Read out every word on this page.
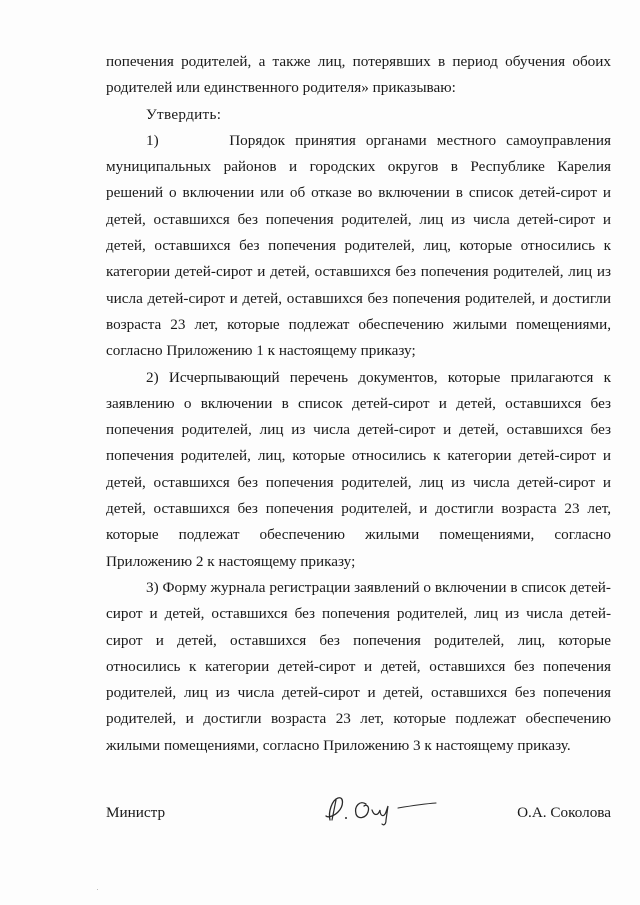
попечения родителей, а также лиц, потерявших в период обучения обоих родителей или единственного родителя» приказываю:

Утвердить:

1)       Порядок принятия органами местного самоуправления муниципальных районов и городских округов в Республике Карелия решений о включении или об отказе во включении в список детей-сирот и детей, оставшихся без попечения родителей, лиц из числа детей-сирот и детей, оставшихся без попечения родителей, лиц, которые относились к категории детей-сирот и детей, оставшихся без попечения родителей, лиц из числа детей-сирот и детей, оставшихся без попечения родителей, и достигли возраста 23 лет, которые подлежат обеспечению жилыми помещениями, согласно Приложению 1 к настоящему приказу;

2) Исчерпывающий перечень документов, которые прилагаются к заявлению о включении в список детей-сирот и детей, оставшихся без попечения родителей, лиц из числа детей-сирот и детей, оставшихся без попечения родителей, лиц, которые относились к категории детей-сирот и детей, оставшихся без попечения родителей, лиц из числа детей-сирот и детей, оставшихся без попечения родителей, и достигли возраста 23 лет, которые подлежат обеспечению жилыми помещениями, согласно Приложению 2 к настоящему приказу;

3) Форму журнала регистрации заявлений о включении в список детей-сирот и детей, оставшихся без попечения родителей, лиц из числа детей-сирот и детей, оставшихся без попечения родителей, лиц, которые относились к категории детей-сирот и детей, оставшихся без попечения родителей, лиц из числа детей-сирот и детей, оставшихся без попечения родителей, и достигли возраста 23 лет, которые подлежат обеспечению жилыми помещениями, согласно Приложению 3 к настоящему приказу.

Министр	О.А. Соколова
